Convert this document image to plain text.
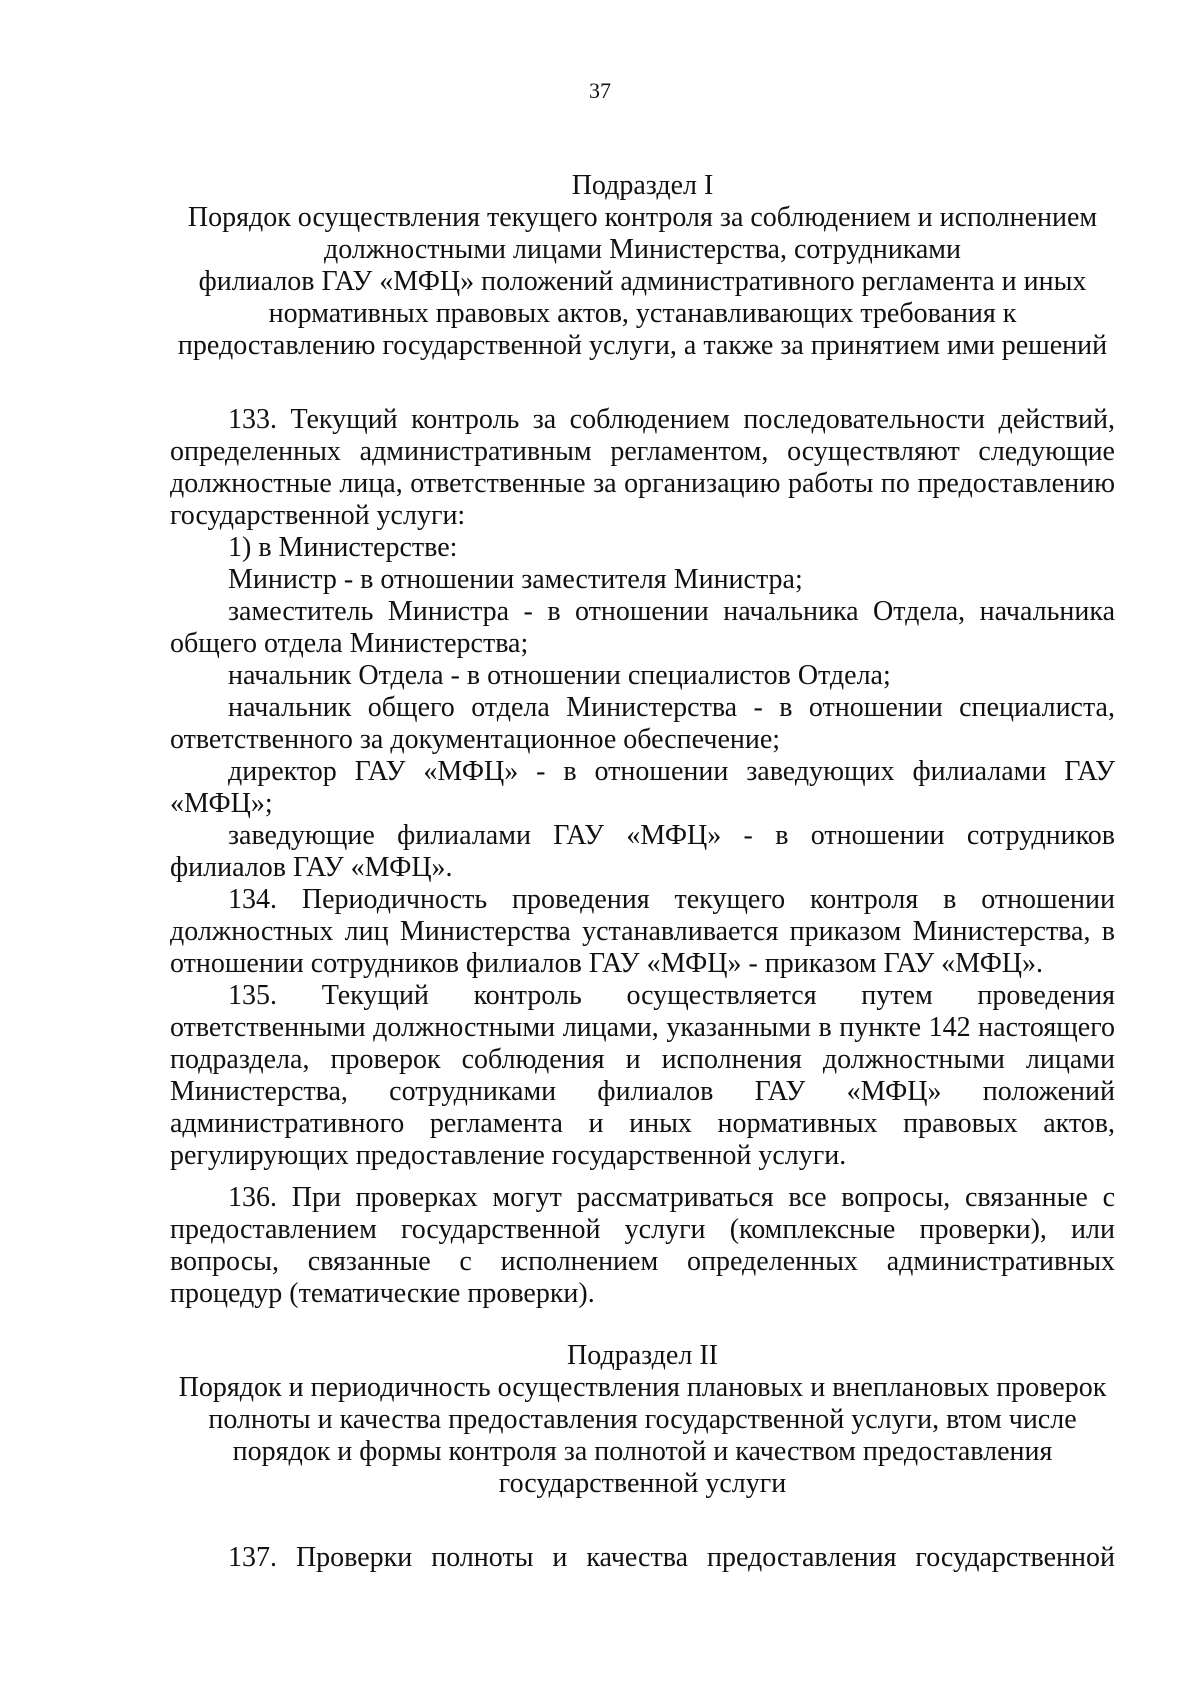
37
Подраздел I
Порядок осуществления текущего контроля за соблюдением и исполнением
должностными лицами Министерства, сотрудниками
филиалов ГАУ «МФЦ» положений административного регламента и иных
нормативных правовых актов, устанавливающих требования к
предоставлению государственной услуги, а также за принятием ими решений

133. Текущий контроль за соблюдением последовательности действий, определенных административным регламентом, осуществляют следующие должностные лица, ответственные за организацию работы по предоставлению государственной услуги:

1) в Министерстве:

Министр - в отношении заместителя Министра;

заместитель Министра - в отношении начальника Отдела, начальника общего отдела Министерства;

начальник Отдела - в отношении специалистов Отдела;

начальник общего отдела Министерства - в отношении специалиста, ответственного за документационное обеспечение;

директор ГАУ «МФЦ» - в отношении заведующих филиалами ГАУ «МФЦ»;

заведующие филиалами ГАУ «МФЦ» - в отношении сотрудников филиалов ГАУ «МФЦ».

134. Периодичность проведения текущего контроля в отношении должностных лиц Министерства устанавливается приказом Министерства, в отношении сотрудников филиалов ГАУ «МФЦ» - приказом ГАУ «МФЦ».

135. Текущий контроль осуществляется путем проведения ответственными должностными лицами, указанными в пункте 142 настоящего подраздела, проверок соблюдения и исполнения должностными лицами Министерства, сотрудниками филиалов ГАУ «МФЦ» положений административного регламента и иных нормативных правовых актов, регулирующих предоставление государственной услуги.

136. При проверках могут рассматриваться все вопросы, связанные с предоставлением государственной услуги (комплексные проверки), или вопросы, связанные с исполнением определенных административных процедур (тематические проверки).

Подраздел II
Порядок и периодичность осуществления плановых и внеплановых проверок
полноты и качества предоставления государственной услуги, втом числе
порядок и формы контроля за полнотой и качеством предоставления
государственной услуги

137. Проверки полноты и качества предоставления государственной
